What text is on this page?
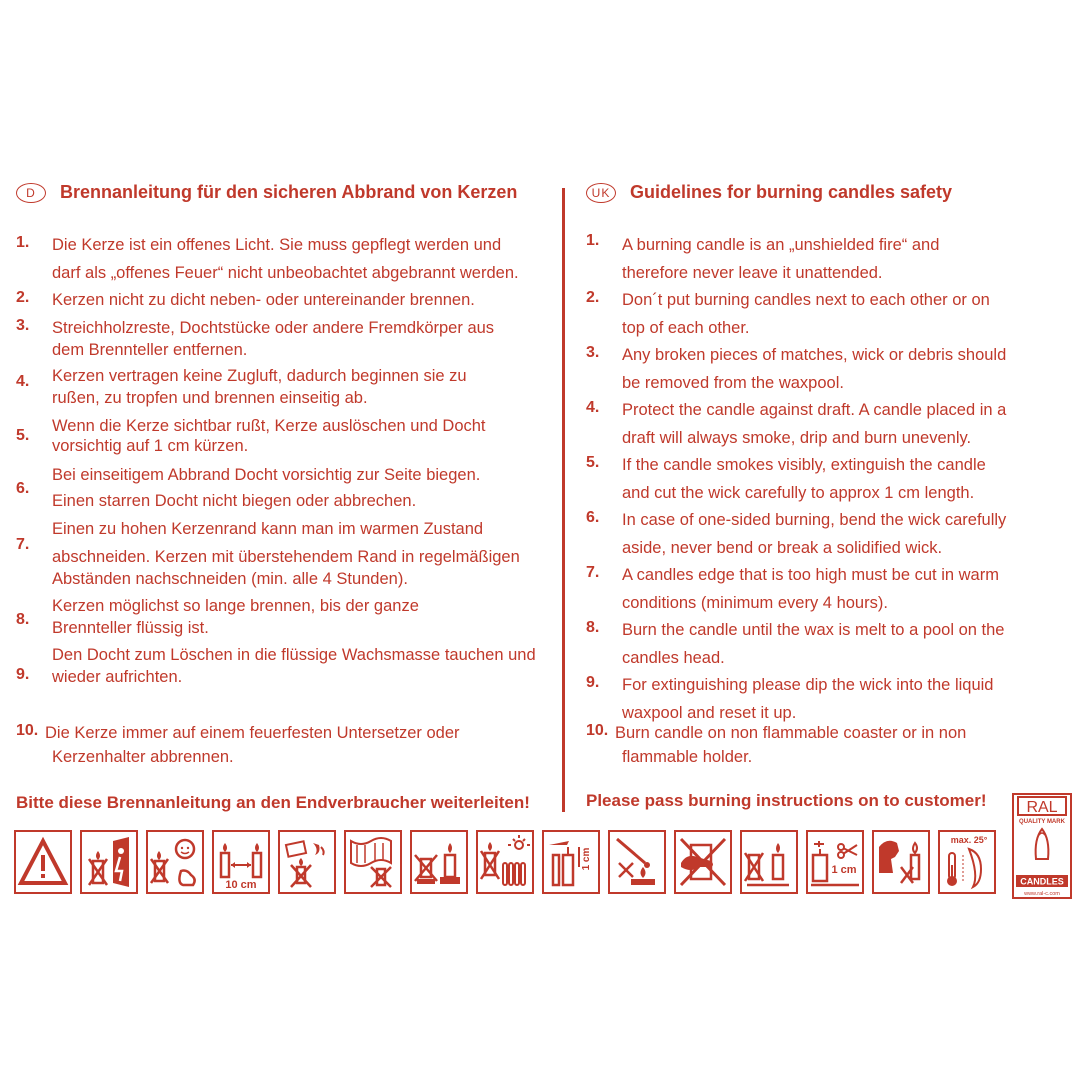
D	Brennanleitung für den sicheren Abbrand von Kerzen
1. Die Kerze ist ein offenes Licht. Sie muss gepflegt werden und
darf als „offenes Feuer“ nicht unbeobachtet abgebrannt werden.
2. Kerzen nicht zu dicht neben- oder untereinander brennen.
3. Streichholzreste, Dochtstücke oder andere Fremdkörper aus
dem Brennteller entfernen.
4. Kerzen vertragen keine Zugluft, dadurch beginnen sie zu
rußen, zu tropfen und brennen einseitig ab.
5.
Wenn die Kerze sichtbar rußt, Kerze auslöschen und Docht
vorsichtig auf 1 cm kürzen.
6.
Bei einseitigem Abbrand Docht vorsichtig zur Seite biegen.
Einen starren Docht nicht biegen oder abbrechen.
7.
Einen zu hohen Kerzenrand kann man im warmen Zustand
abschneiden. Kerzen mit überstehendem Rand in regelmäßigen
Abständen nachschneiden (min. alle 4 Stunden).
8.
Kerzen möglichst so lange brennen, bis der ganze
Brennteller flüssig ist.
9.
Den Docht zum Löschen in die flüssige Wachsmasse tauchen und
wieder aufrichten.
10. Die Kerze immer auf einem feuerfesten Untersetzer oder
Kerzenhalter abbrennen.
Bitte diese Brennanleitung an den Endverbraucher weiterleiten!
UK	Guidelines for burning candles safety
1. A burning candle is an „unshielded fire“ and
therefore never leave it unattended.
2. Don´t put burning candles next to each other or on
top of each other.
3. Any broken pieces of matches, wick or debris should
be removed from the waxpool.
4. Protect the candle against draft. A candle placed in a
draft will always smoke, drip and burn unevenly.
5. If the candle smokes visibly, extinguish the candle
and cut the wick carefully to approx 1 cm length.
6. In case of one-sided burning, bend the wick carefully
aside, never bend or break a solidified wick.
7. A candles edge that is too high must be cut in warm
conditions (minimum every 4 hours).
8. Burn the candle until the wax is melt to a pool on the
candles head.
9. For extinguishing please dip the wick into the liquid
waxpool and reset it up.
10. Burn candle on non flammable coaster or in non
flammable holder.
Please pass burning instructions on to customer!
10 cm
1 cm	1 cm
max. 25°
RAL
QUALITY MARK
CANDLES
www.ral-c.com
